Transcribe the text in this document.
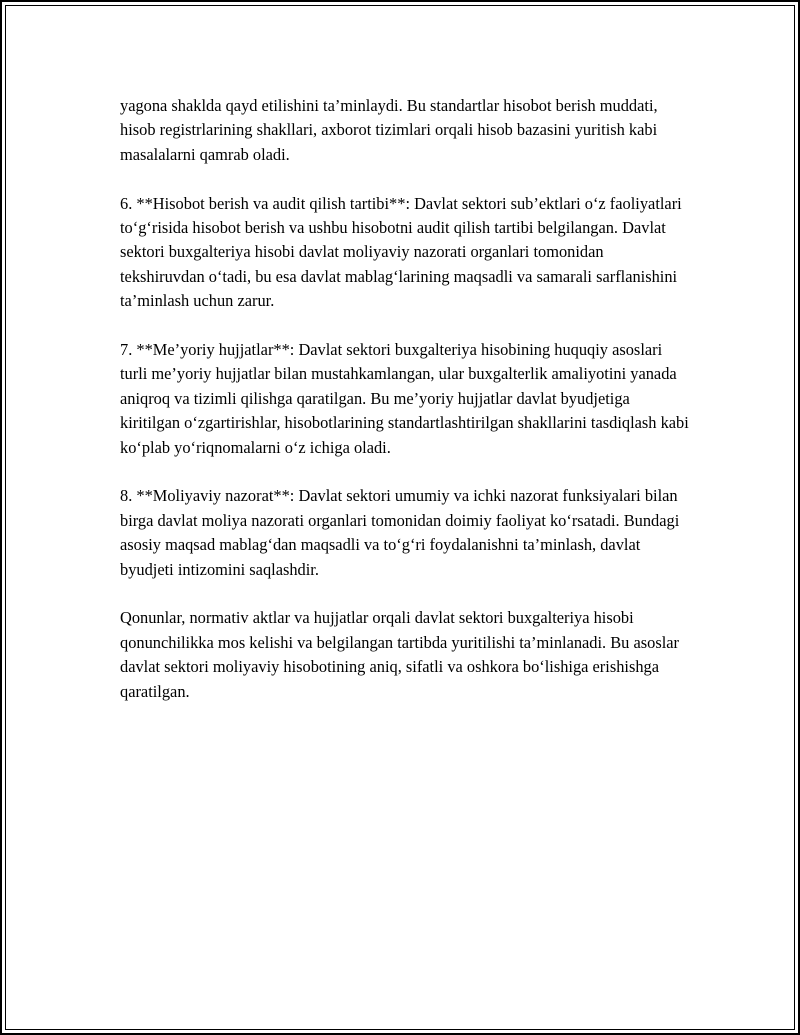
yagona shaklda qayd etilishini ta’minlaydi. Bu standartlar hisobot berish muddati, hisob registrlarining shakllari, axborot tizimlari orqali hisob bazasini yuritish kabi masalalarni qamrab oladi.

6. **Hisobot berish va audit qilish tartibi**: Davlat sektori sub’ektlari o‘z faoliyatlari to‘g‘risida hisobot berish va ushbu hisobotni audit qilish tartibi belgilangan. Davlat sektori buxgalteriya hisobi davlat moliyaviy nazorati organlari tomonidan tekshiruvdan o‘tadi, bu esa davlat mablag‘larining maqsadli va samarali sarflanishini ta’minlash uchun zarur.

7. **Me’yoriy hujjatlar**: Davlat sektori buxgalteriya hisobining huquqiy asoslari turli me’yoriy hujjatlar bilan mustahkamlangan, ular buxgalterlik amaliyotini yanada aniqroq va tizimli qilishga qaratilgan. Bu me’yoriy hujjatlar davlat byudjetiga kiritilgan o‘zgartirishlar, hisobotlarining standartlashtirilgan shakllarini tasdiqlash kabi ko‘plab yo‘riqnomalarni o‘z ichiga oladi.

8. **Moliyaviy nazorat**: Davlat sektori umumiy va ichki nazorat funksiyalari bilan birga davlat moliya nazorati organlari tomonidan doimiy faoliyat ko‘rsatadi. Bundagi asosiy maqsad mablag‘dan maqsadli va to‘g‘ri foydalanishni ta’minlash, davlat byudjeti intizomini saqlashdir.

Qonunlar, normativ aktlar va hujjatlar orqali davlat sektori buxgalteriya hisobi qonunchilikka mos kelishi va belgilangan tartibda yuritilishi ta’minlanadi. Bu asoslar davlat sektori moliyaviy hisobotining aniq, sifatli va oshkora bo‘lishiga erishishga qaratilgan.
